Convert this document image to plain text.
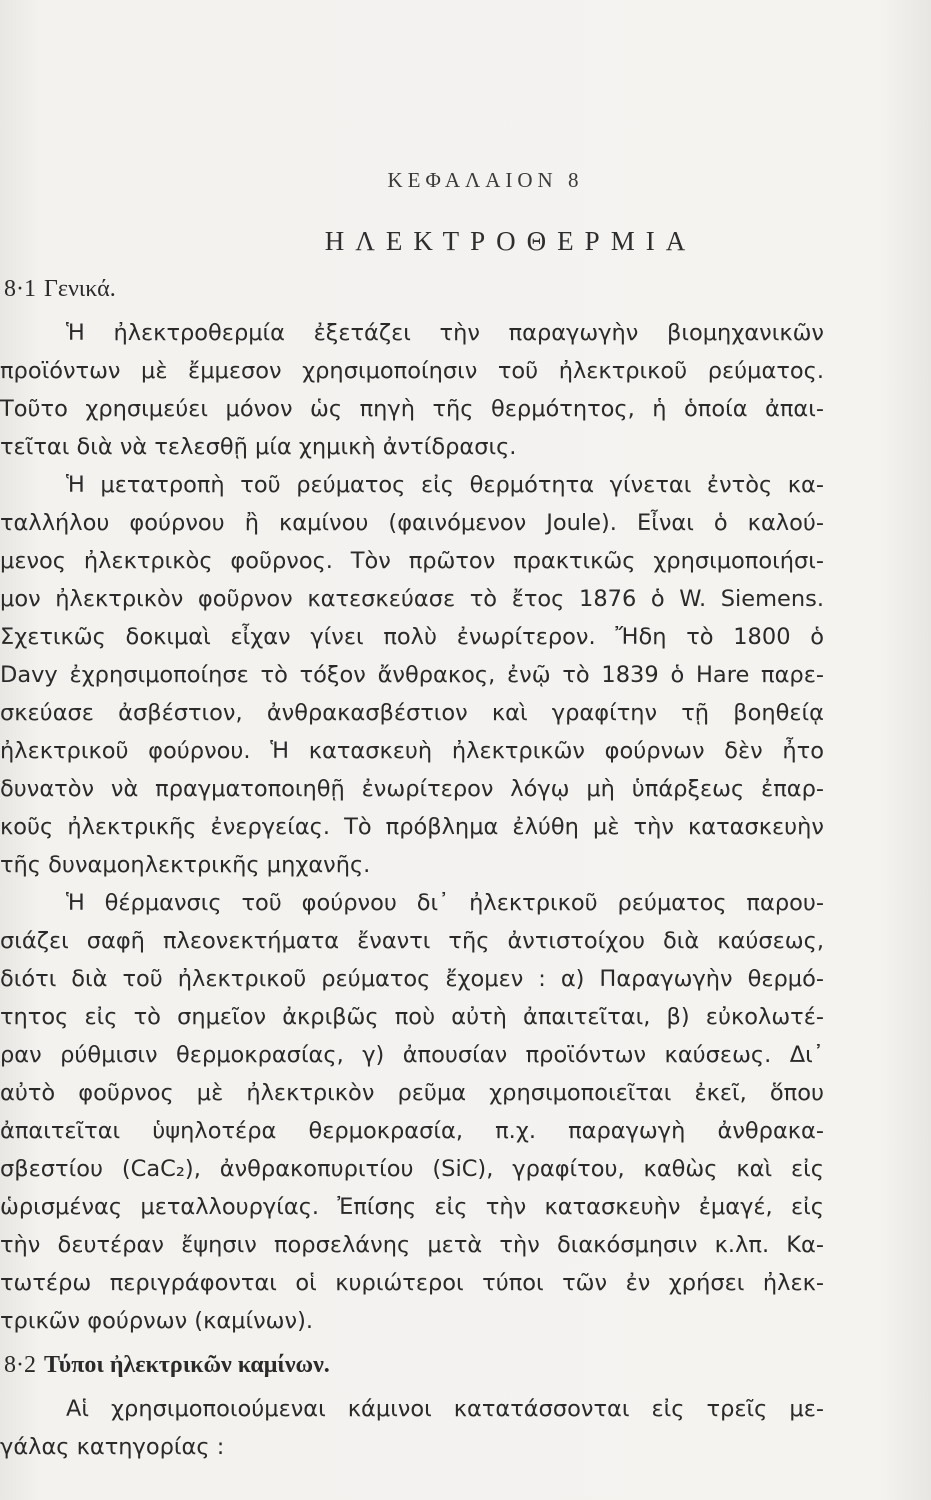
ΚΕΦΑΛΑΙΟΝ 8
ΗΛΕΚΤΡΟΘΕΡΜΙΑ
8·1 Γενικά.
Ἡ ἠλεκτροθερμία ἐξετάζει τὴν παραγωγὴν βιομηχανικῶν
προϊόντων μὲ ἔμμεσον χρησιμοποίησιν τοῦ ἠλεκτρικοῦ ρεύματος.
Τοῦτο χρησιμεύει μόνον ὡς πηγὴ τῆς θερμότητος, ἡ ὁποία ἀπαι-
τεῖται διὰ νὰ τελεσθῇ μία χημικὴ ἀντίδρασις.
Ἡ μετατροπὴ τοῦ ρεύματος εἰς θερμότητα γίνεται ἐντὸς κα-
ταλλήλου φούρνου ἢ καμίνου (φαινόμενον Joule). Εἶναι ὁ καλού-
μενος ἠλεκτρικὸς φοῦρνος. Τὸν πρῶτον πρακτικῶς χρησιμοποιήσι-
μον ἠλεκτρικὸν φοῦρνον κατεσκεύασε τὸ ἔτος 1876 ὁ W. Siemens.
Σχετικῶς δοκιμαὶ εἶχαν γίνει πολὺ ἐνωρίτερον. Ἤδη τὸ 1800 ὁ
Davy ἐχρησιμοποίησε τὸ τόξον ἄνθρακος, ἐνῷ τὸ 1839 ὁ Hare παρε-
σκεύασε ἀσβέστιον, ἀνθρακασβέστιον καὶ γραφίτην τῇ βοηθείᾳ
ἠλεκτρικοῦ φούρνου. Ἡ κατασκευὴ ἠλεκτρικῶν φούρνων δὲν ἦτο
δυνατὸν νὰ πραγματοποιηθῇ ἐνωρίτερον λόγῳ μὴ ὑπάρξεως ἐπαρ-
κοῦς ἠλεκτρικῆς ἐνεργείας. Τὸ πρόβλημα ἐλύθη μὲ τὴν κατασκευὴν
τῆς δυναμοηλεκτρικῆς μηχανῆς.
Ἡ θέρμανσις τοῦ φούρνου δι᾽ ἠλεκτρικοῦ ρεύματος παρου-
σιάζει σαφῆ πλεονεκτήματα ἔναντι τῆς ἀντιστοίχου διὰ καύσεως,
διότι διὰ τοῦ ἠλεκτρικοῦ ρεύματος ἔχομεν : α) Παραγωγὴν θερμό-
τητος εἰς τὸ σημεῖον ἀκριβῶς ποὺ αὐτὴ ἀπαιτεῖται, β) εὐκολωτέ-
ραν ρύθμισιν θερμοκρασίας, γ) ἀπουσίαν προϊόντων καύσεως. Δι᾽
αὐτὸ φοῦρνος μὲ ἠλεκτρικὸν ρεῦμα χρησιμοποιεῖται ἐκεῖ, ὅπου
ἀπαιτεῖται ὑψηλοτέρα θερμοκρασία, π.χ. παραγωγὴ ἀνθρακα-
σβεστίου (CaC₂), ἀνθρακοπυριτίου (SiC), γραφίτου, καθὼς καὶ εἰς
ὡρισμένας μεταλλουργίας. Ἐπίσης εἰς τὴν κατασκευὴν ἐμαγέ, εἰς
τὴν δευτέραν ἔψησιν πορσελάνης μετὰ τὴν διακόσμησιν κ.λπ. Κα-
τωτέρω περιγράφονται οἱ κυριώτεροι τύποι τῶν ἐν χρήσει ἠλεκ-
τρικῶν φούρνων (καμίνων).
8·2 Τύποι ἠλεκτρικῶν καμίνων.
Αἱ χρησιμοποιούμεναι κάμινοι κατατάσσονται εἰς τρεῖς με-
γάλας κατηγορίας :
